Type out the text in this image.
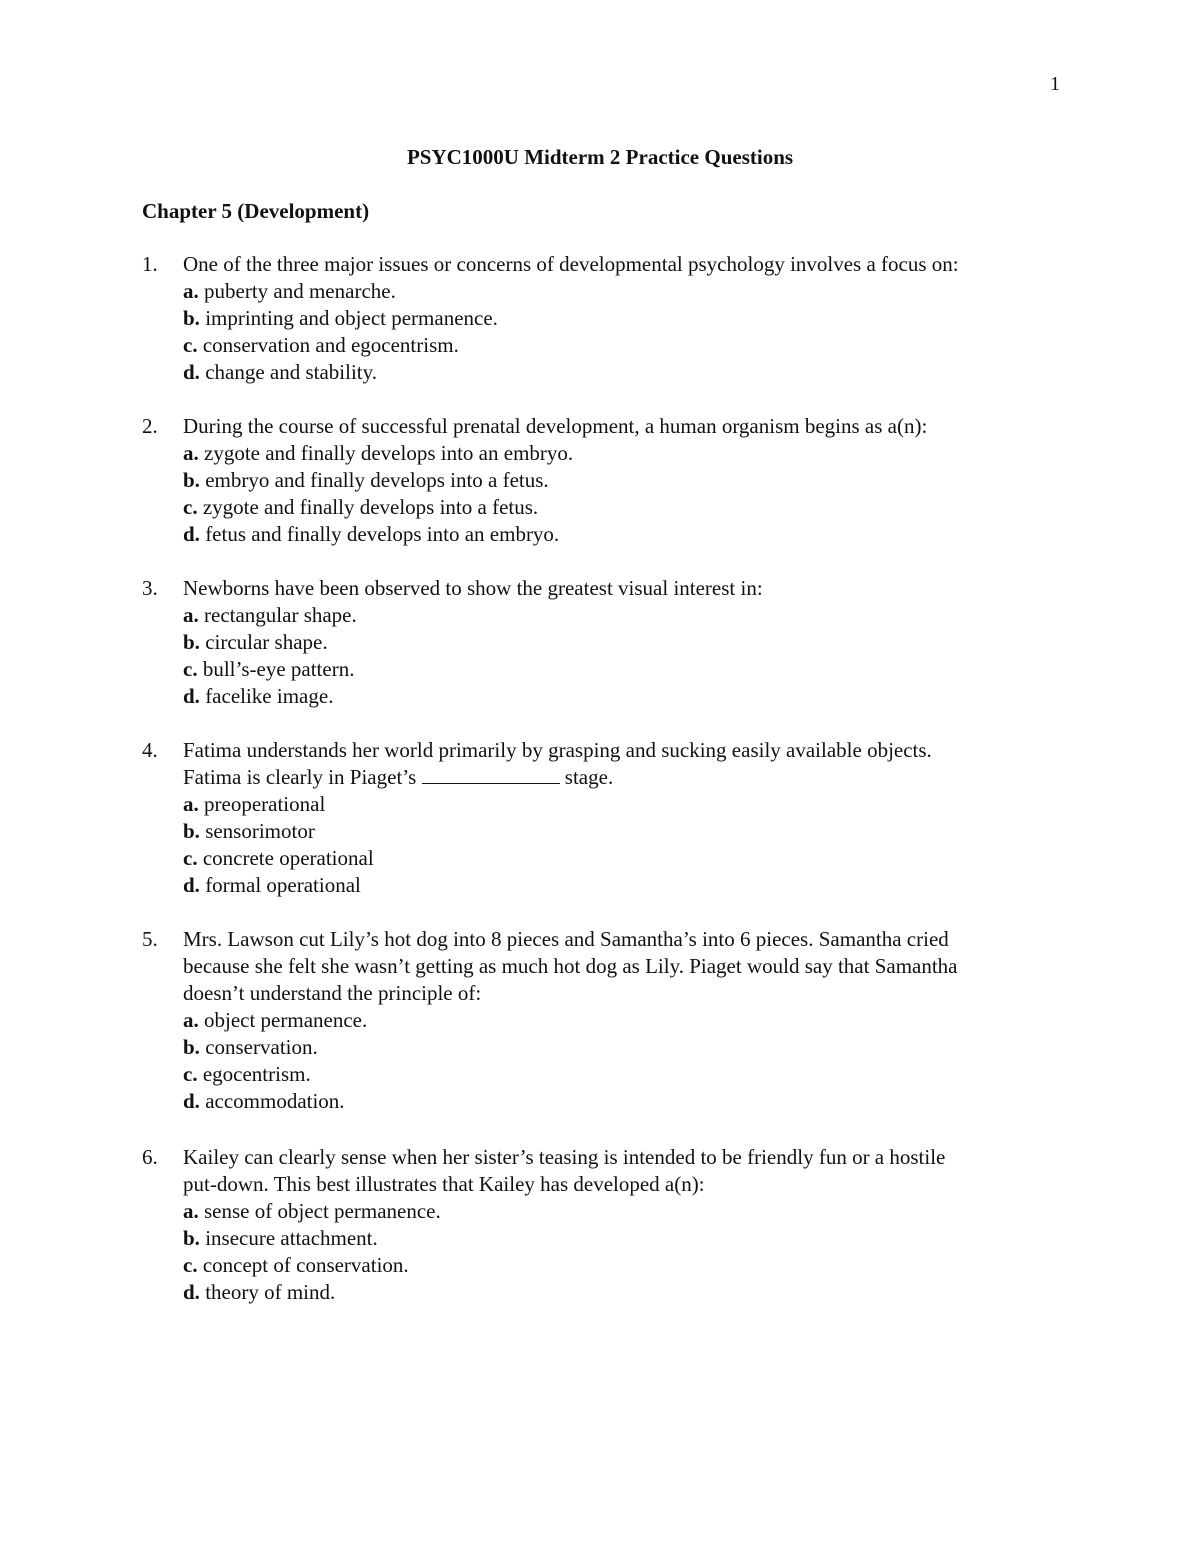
1
PSYC1000U Midterm 2 Practice Questions
Chapter 5 (Development)
1. One of the three major issues or concerns of developmental psychology involves a focus on:
a. puberty and menarche.
b. imprinting and object permanence.
c. conservation and egocentrism.
d. change and stability.
2. During the course of successful prenatal development, a human organism begins as a(n):
a. zygote and finally develops into an embryo.
b. embryo and finally develops into a fetus.
c. zygote and finally develops into a fetus.
d. fetus and finally develops into an embryo.
3. Newborns have been observed to show the greatest visual interest in:
a. rectangular shape.
b. circular shape.
c. bull’s-eye pattern.
d. facelike image.
4. Fatima understands her world primarily by grasping and sucking easily available objects.
Fatima is clearly in Piaget’s	stage.
a. preoperational
b. sensorimotor
c. concrete operational
d. formal operational
5. Mrs. Lawson cut Lily’s hot dog into 8 pieces and Samantha’s into 6 pieces. Samantha cried
because she felt she wasn’t getting as much hot dog as Lily. Piaget would say that Samantha
doesn’t understand the principle of:
a. object permanence.
b. conservation.
c. egocentrism.
d. accommodation.
6. Kailey can clearly sense when her sister’s teasing is intended to be friendly fun or a hostile
put-down. This best illustrates that Kailey has developed a(n):
a. sense of object permanence.
b. insecure attachment.
c. concept of conservation.
d. theory of mind.
